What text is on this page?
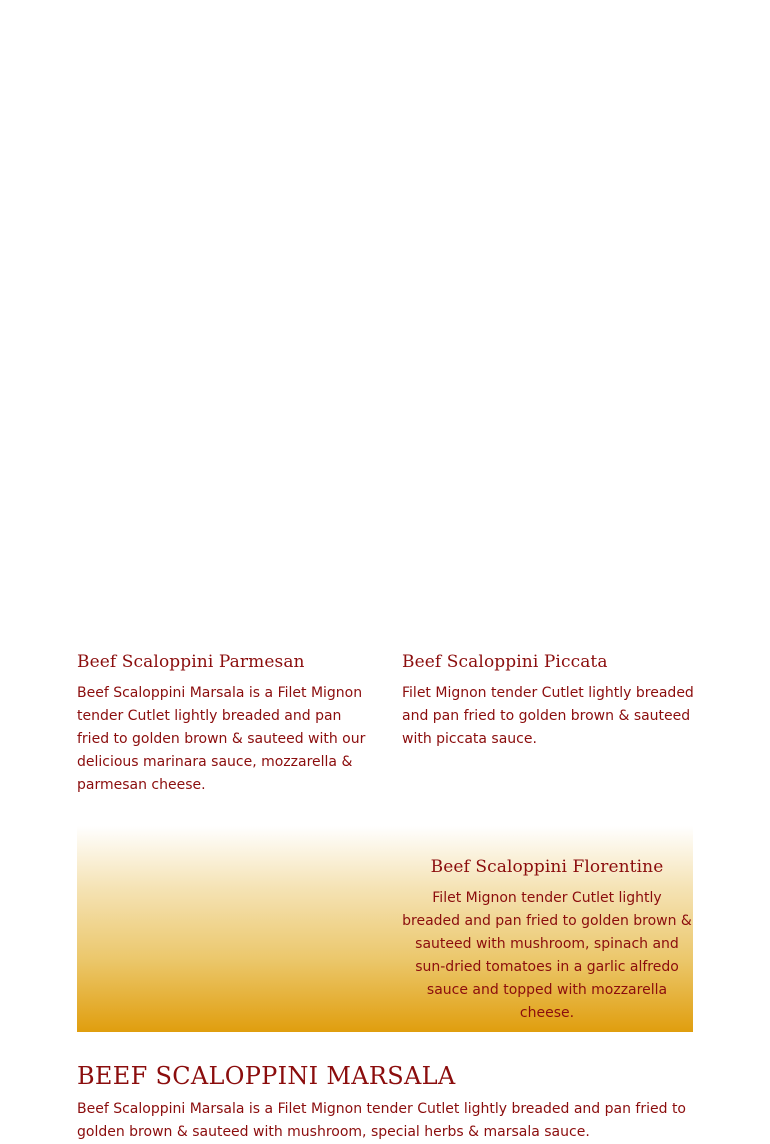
Beef Scaloppini Parmesan

Beef Scaloppini Marsala is a Filet Mignon tender Cutlet lightly breaded and pan fried to golden brown & sauteed with our delicious marinara sauce, mozzarella & parmesan cheese.

Beef Scaloppini Piccata

Filet Mignon tender Cutlet lightly breaded and pan fried to golden brown & sauteed with piccata sauce.

Beef Scaloppini Florentine

Filet Mignon tender Cutlet lightly breaded and pan fried to golden brown & sauteed with mushroom, spinach and sun-dried tomatoes in a garlic alfredo sauce and topped with mozzarella cheese.

BEEF SCALOPPINI MARSALA

Beef Scaloppini Marsala is a Filet Mignon tender Cutlet lightly breaded and pan fried to golden brown & sauteed with mushroom, special herbs & marsala sauce.
